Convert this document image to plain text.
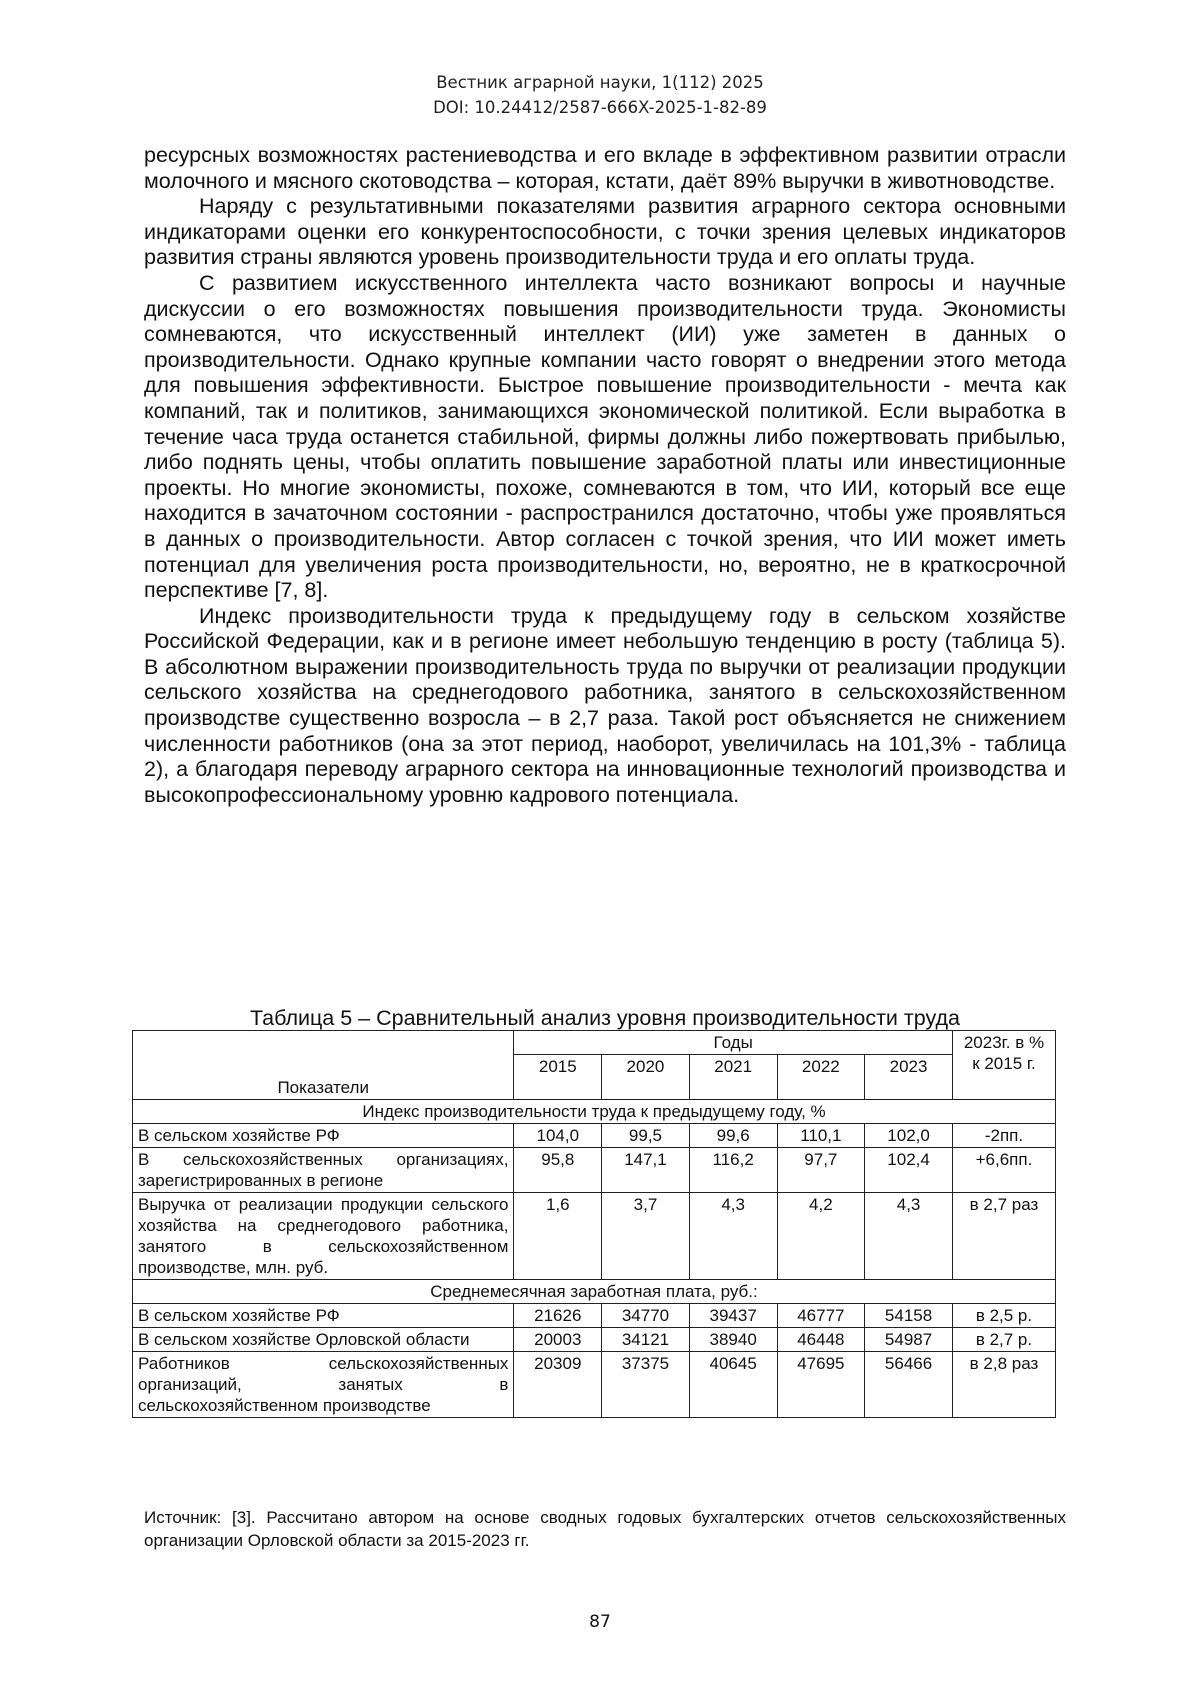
Вестник аграрной науки, 1(112) 2025
DOI: 10.24412/2587-666X-2025-1-82-89

ресурсных возможностях растениеводства и его вкладе в эффективном развитии отрасли молочного и мясного скотоводства – которая, кстати, даёт 89% выручки в животноводстве.

Наряду с результативными показателями развития аграрного сектора основными индикаторами оценки его конкурентоспособности, с точки зрения целевых индикаторов развития страны являются уровень производительности труда и его оплаты труда.

С развитием искусственного интеллекта часто возникают вопросы и научные дискуссии о его возможностях повышения производительности труда. Экономисты сомневаются, что искусственный интеллект (ИИ) уже заметен в данных о производительности. Однако крупные компании часто говорят о внедрении этого метода для повышения эффективности. Быстрое повышение производительности - мечта как компаний, так и политиков, занимающихся экономической политикой. Если выработка в течение часа труда останется стабильной, фирмы должны либо пожертвовать прибылью, либо поднять цены, чтобы оплатить повышение заработной платы или инвестиционные проекты. Но многие экономисты, похоже, сомневаются в том, что ИИ, который все еще находится в зачаточном состоянии - распространился достаточно, чтобы уже проявляться в данных о производительности. Автор согласен с точкой зрения, что ИИ может иметь потенциал для увеличения роста производительности, но, вероятно, не в краткосрочной перспективе [7, 8].

Индекс производительности труда к предыдущему году в сельском хозяйстве Российской Федерации, как и в регионе имеет небольшую тенденцию в росту (таблица 5). В абсолютном выражении производительность труда по выручки от реализации продукции сельского хозяйства на среднегодового работника, занятого в сельскохозяйственном производстве существенно возросла – в 2,7 раза. Такой рост объясняется не снижением численности работников (она за этот период, наоборот, увеличилась на 101,3% - таблица 2), а благодаря переводу аграрного сектора на инновационные технологий производства и высокопрофессиональному уровню кадрового потенциала.

Таблица 5 – Сравнительный анализ уровня производительности труда
Показатели	Годы					2023г. в % к 2015 г.
	2015	2020	2021	2022	2023	
Индекс производительности труда к предыдущему году, %						
В сельском хозяйстве РФ	104,0	99,5	99,6	110,1	102,0	-2пп.
В сельскохозяйственных организациях, зарегистрированных в регионе	95,8	147,1	116,2	97,7	102,4	+6,6пп.
Выручка от реализации продукции сельского хозяйства на среднегодового работника, занятого в сельскохозяйственном производстве, млн. руб.	1,6	3,7	4,3	4,2	4,3	в 2,7 раз
Среднемесячная заработная плата, руб.:						
В сельском хозяйстве РФ	21626	34770	39437	46777	54158	в 2,5 р.
В сельском хозяйстве Орловской области	20003	34121	38940	46448	54987	в 2,7 р.
Работников сельскохозяйственных организаций, занятых в сельскохозяйственном производстве	20309	37375	40645	47695	56466	в 2,8 раз
Источник: [3]. Рассчитано автором на основе сводных годовых бухгалтерских отчетов сельскохозяйственных организации Орловской области за 2015-2023 гг.
87
